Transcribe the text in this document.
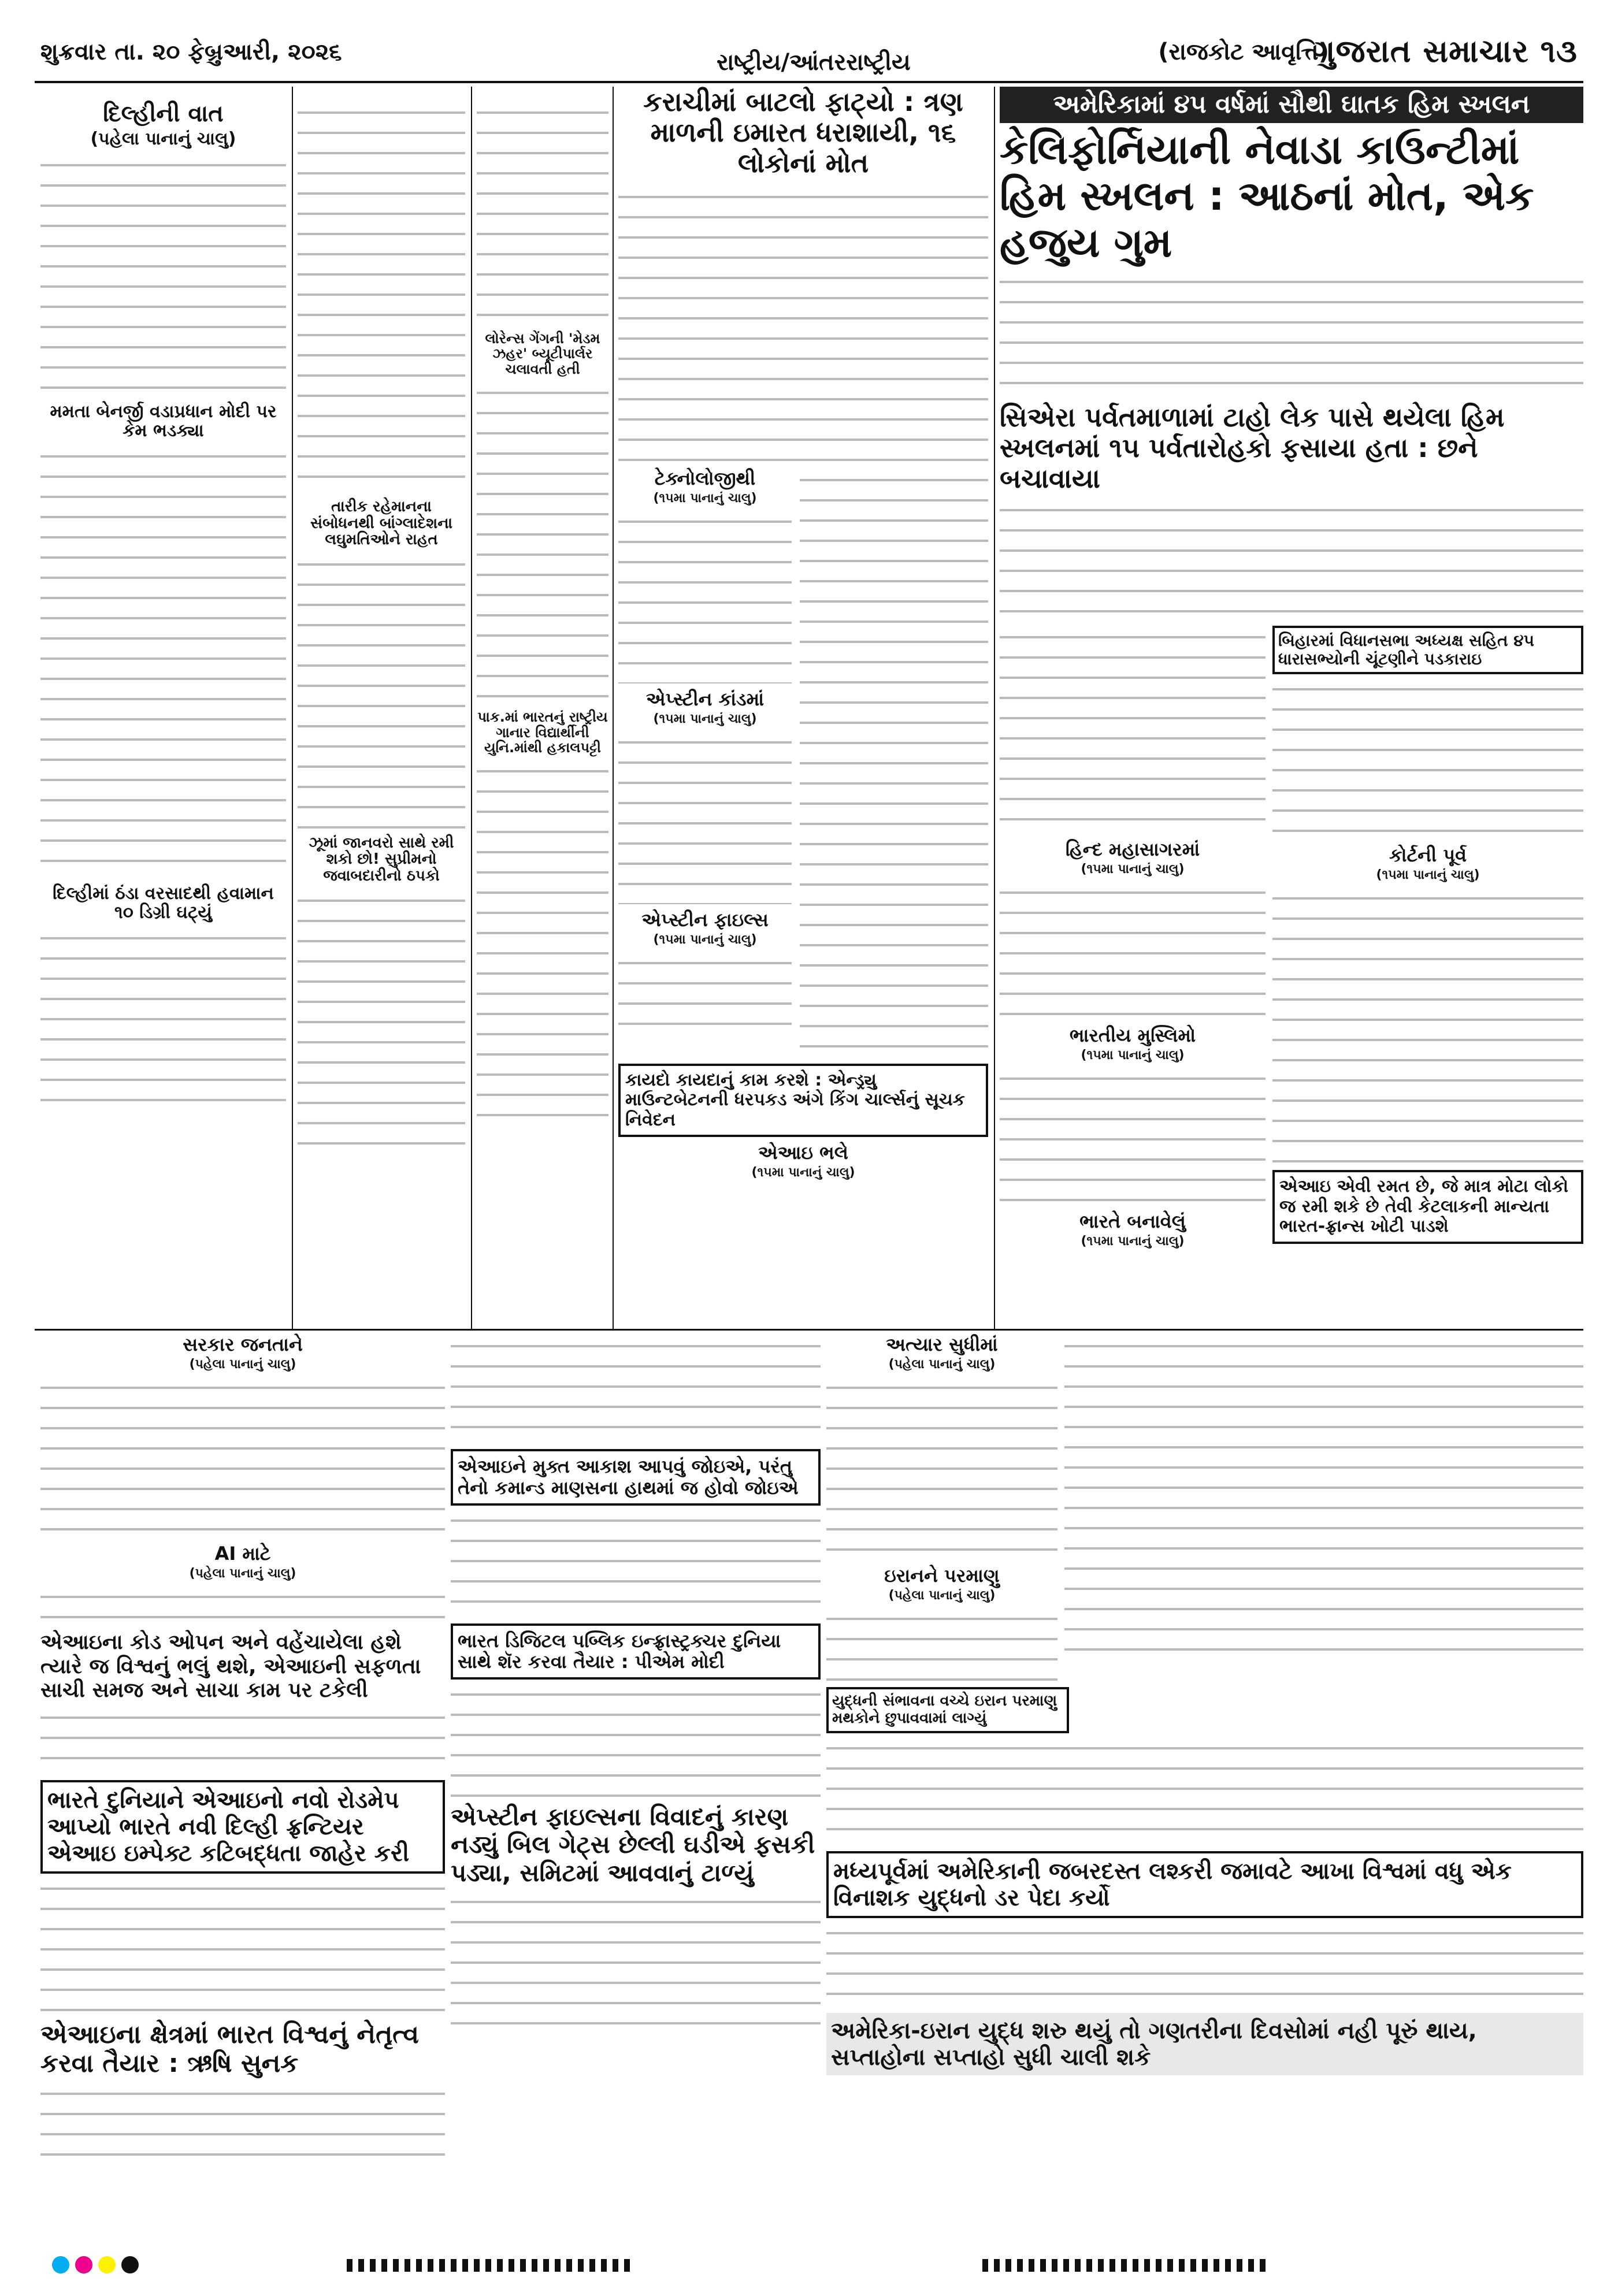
શુક્રવાર તા. ૨૦ ફેબ્રુઆરી, ૨૦૨૬	રાષ્ટ્રીય/આંતરરાષ્ટ્રીય	(રાજકોટ આવૃત્તિ)
ગુજરાત સમાચાર ૧૩
દિલ્હીની વાત
(પહેલા પાનાનું ચાલુ)
મમતા બેનર્જી વડાપ્રધાન મોદી પર કેમ ભડક્યા
દિલ્હીમાં ઠંડા વરસાદથી હવામાન ૧૦ ડિગ્રી ઘટ્યું
તારીક રહેમાનના સંબોધનથી બાંગ્લાદેશના લઘુમતિઓને રાહત
ઝૂમાં જાનવરો સાથે રમી શકો છો! સુપ્રીમનો જવાબદારીનો ઠપકો
લોરેન્સ ગેંગની 'મેડમ ઝહર' બ્યૂટીપાર્લર ચલાવતી હતી
પાક.માં ભારતનું રાષ્ટ્રીય ગાનાર વિદ્યાર્થીની યુનિ.માંથી હકાલપટ્ટી
કરાચીમાં બાટલો ફાટ્યો : ત્રણ માળની ઇમારત ધરાશાયી, ૧૬ લોકોનાં મોત
ટેક્નોલોજીથી
(૧૫મા પાનાનું ચાલુ)
એપ્સ્ટીન કાંડમાં
(૧૫મા પાનાનું ચાલુ)
એપ્સ્ટીન ફાઇલ્સ
(૧૫મા પાનાનું ચાલુ)
કાયદો કાયદાનું કામ કરશે : એન્ડ્ર્યુ માઉન્ટબેટનની ધરપકડ અંગે કિંગ ચાર્લ્સનું સૂચક નિવેદન
એઆઇ ભલે
(૧૫મા પાનાનું ચાલુ)
અમેરિકામાં ૪૫ વર્ષમાં સૌથી ઘાતક હિમ સ્ખલન
કેલિફોર્નિયાની નેવાડા કાઉન્ટીમાં હિમ સ્ખલન : આઠનાં મોત, એક હજુય ગુમ
સિએરા પર્વતમાળામાં ટાહો લેક પાસે થયેલા હિમ સ્ખલનમાં ૧૫ પર્વતારોહકો ફસાયા હતા : છને બચાવાયા
હિન્દ મહાસાગરમાં
(૧૫મા પાનાનું ચાલુ)
ભારતીય મુસ્લિમો
(૧૫મા પાનાનું ચાલુ)
ભારતે બનાવેલું
(૧૫મા પાનાનું ચાલુ)
બિહારમાં વિધાનસભા અધ્યક્ષ સહિત ૪૫ ધારાસભ્યોની ચૂંટણીને પડકારાઇ
કોર્ટની પૂર્વ
(૧૫મા પાનાનું ચાલુ)
એઆઇ એવી રમત છે, જે માત્ર મોટા લોકો જ રમી શકે છે તેવી કેટલાકની માન્યતા ભારત-ફ્રાન્સ ખોટી પાડશે
સરકાર જનતાને
(પહેલા પાનાનું ચાલુ)
AI માટે
(પહેલા પાનાનું ચાલુ)
એઆઇના કોડ ઓપન અને વહેંચાયેલા હશે ત્યારે જ વિશ્વનું ભલું થશે, એઆઇની સફળતા સાચી સમજ અને સાચા કામ પર ટકેલી
ભારતે દુનિયાને એઆઇનો નવો રોડમેપ આપ્યો ભારતે નવી દિલ્હી ફ્રન્ટિયર એઆઇ ઇમ્પેક્ટ કટિબદ્ધતા જાહેર કરી
એઆઇના ક્ષેત્રમાં ભારત વિશ્વનું નેતૃત્વ કરવા તૈયાર : ઋષિ સુનક
એઆઇને મુક્ત આકાશ આપવું જોઇએ, પરંતુ તેનો કમાન્ડ માણસના હાથમાં જ હોવો જોઇએ
ભારત ડિજિટલ પબ્લિક ઇન્ફ્રાસ્ટ્રક્ચર દુનિયા સાથે શૅર કરવા તૈયાર : પીએમ મોદી
એપ્સ્ટીન ફાઇલ્સના વિવાદનું કારણ નડ્યું બિલ ગેટ્સ છેલ્લી ઘડીએ ફસકી પડ્યા, સમિટમાં આવવાનું ટાળ્યું
અત્યાર સુધીમાં
(પહેલા પાનાનું ચાલુ)
ઇરાનને પરમાણુ
(પહેલા પાનાનું ચાલુ)
યુદ્ધની સંભાવના વચ્ચે ઇરાન પરમાણુ મથકોને છુપાવવામાં લાગ્યું
મધ્યપૂર્વમાં અમેરિકાની જબરદસ્ત લશ્કરી જમાવટે આખા વિશ્વમાં વધુ એક વિનાશક યુદ્ધનો ડર પેદા કર્યો
અમેરિકા-ઇરાન યુદ્ધ શરુ થયું તો ગણતરીના દિવસોમાં નહી પૂરું થાય, સપ્તાહોના સપ્તાહો સુધી ચાલી શકે
